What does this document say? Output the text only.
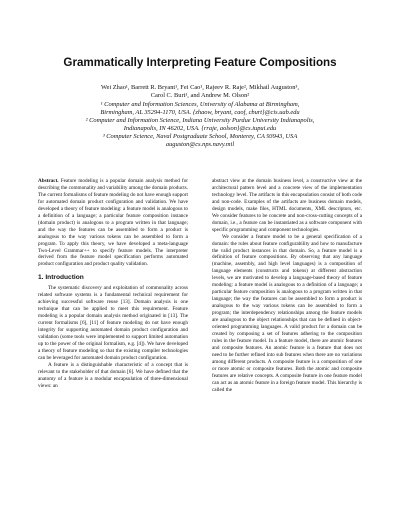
Grammatically Interpreting Feature Compositions

Wei Zhao¹, Barrett R. Bryant¹, Fei Cao¹, Rajeev R. Raje², Mikhail Auguston³,

Carol C. Burt¹, and Andrew M. Olson²

¹ Computer and Information Sciences, University of Alabama at Birmingham,

Birmingham, AL 35294-1170, USA. {zhaow, bryant, caof, cburt}@cis.uab.edu

² Computer and Information Science, Indiana University Purdue University Indianapolis,

Indianapolis, IN 46202, USA. {rraje, aolson}@cs.iupui.edu

³ Computer Science, Naval Postgraduate School, Monterey, CA 93943, USA

auguston@cs.nps.navy.mil

Abstract. Feature modeling is a popular domain analysis method for describing the commonality and variability among the domain products. The current formalisms of feature modeling do not have enough support for automated domain product configuration and validation. We have developed a theory of feature modeling: a feature model is analogous to a definition of a language; a particular feature composition instance (domain product) is analogous to a program written in that language; and the way the features can be assembled to form a product is analogous to the way various tokens can be assembled to form a program. To apply this theory, we have developed a meta-language Two-Level Grammar++ to specify feature models. The interpreter derived from the feature model specification performs automated product configuration and product quality validation.

1. Introduction

The systematic discovery and exploitation of commonality across related software systems is a fundamental technical requirement for achieving successful software reuse [13]. Domain analysis is one technique that can be applied to meet this requirement. Feature modeling is a popular domain analysis method originated in [13]. The current formalisms [6], [11] of feature modeling do not have enough integrity for supporting automated domain product configuration and validation (some tools were implemented to support limited automation up to the power of the original formalism, e.g. [4]). We have developed a theory of feature modeling so that the existing compiler technologies can be leveraged for automated domain product configuration.

A feature is a distinguishable characteristic of a concept that is relevant to the stakeholder of that domain [6]. We have defined that the anatomy of a feature is a modular encapsulation of three-dimensional views: an

abstract view at the domain business level, a constructive view at the architectural pattern level and a concrete view of the implementation technology level. The artifacts in this encapsulation consist of both code and non-code. Examples of the artifacts are business domain models, design models, make files, HTML documents, XML descriptors, etc. We consider features to be concrete and non-cross-cutting concepts of a domain, i.e., a feature can be instantiated as a software component with specific programming and component technologies.

We consider a feature model to be a general specification of a domain: the rules about feature configurability and how to manufacture the valid product instances in that domain. So, a feature model is a definition of feature compositions. By observing that any language (machine, assembly, and high level languages) is a composition of language elements (constructs and tokens) at different abstraction levels, we are motivated to develop a language-based theory of feature modeling: a feature model is analogous to a definition of a language; a particular feature composition is analogous to a program written in that language; the way the features can be assembled to form a product is analogous to the way various tokens can be assembled to form a program; the interdependency relationships among the feature models are analogous to the object relationships that can be defined in object-oriented programming languages. A valid product for a domain can be created by composing a set of features adhering to the composition rules in the feature model. In a feature model, there are atomic features and composite features. An atomic feature is a feature that does not need to be further refined into sub features when there are no variations among different products. A composite feature is a composition of one or more atomic or composite features. Both the atomic and composite features are relative concepts. A composite feature in one feature model can act as an atomic feature in a foreign feature model. This hierarchy is called the
